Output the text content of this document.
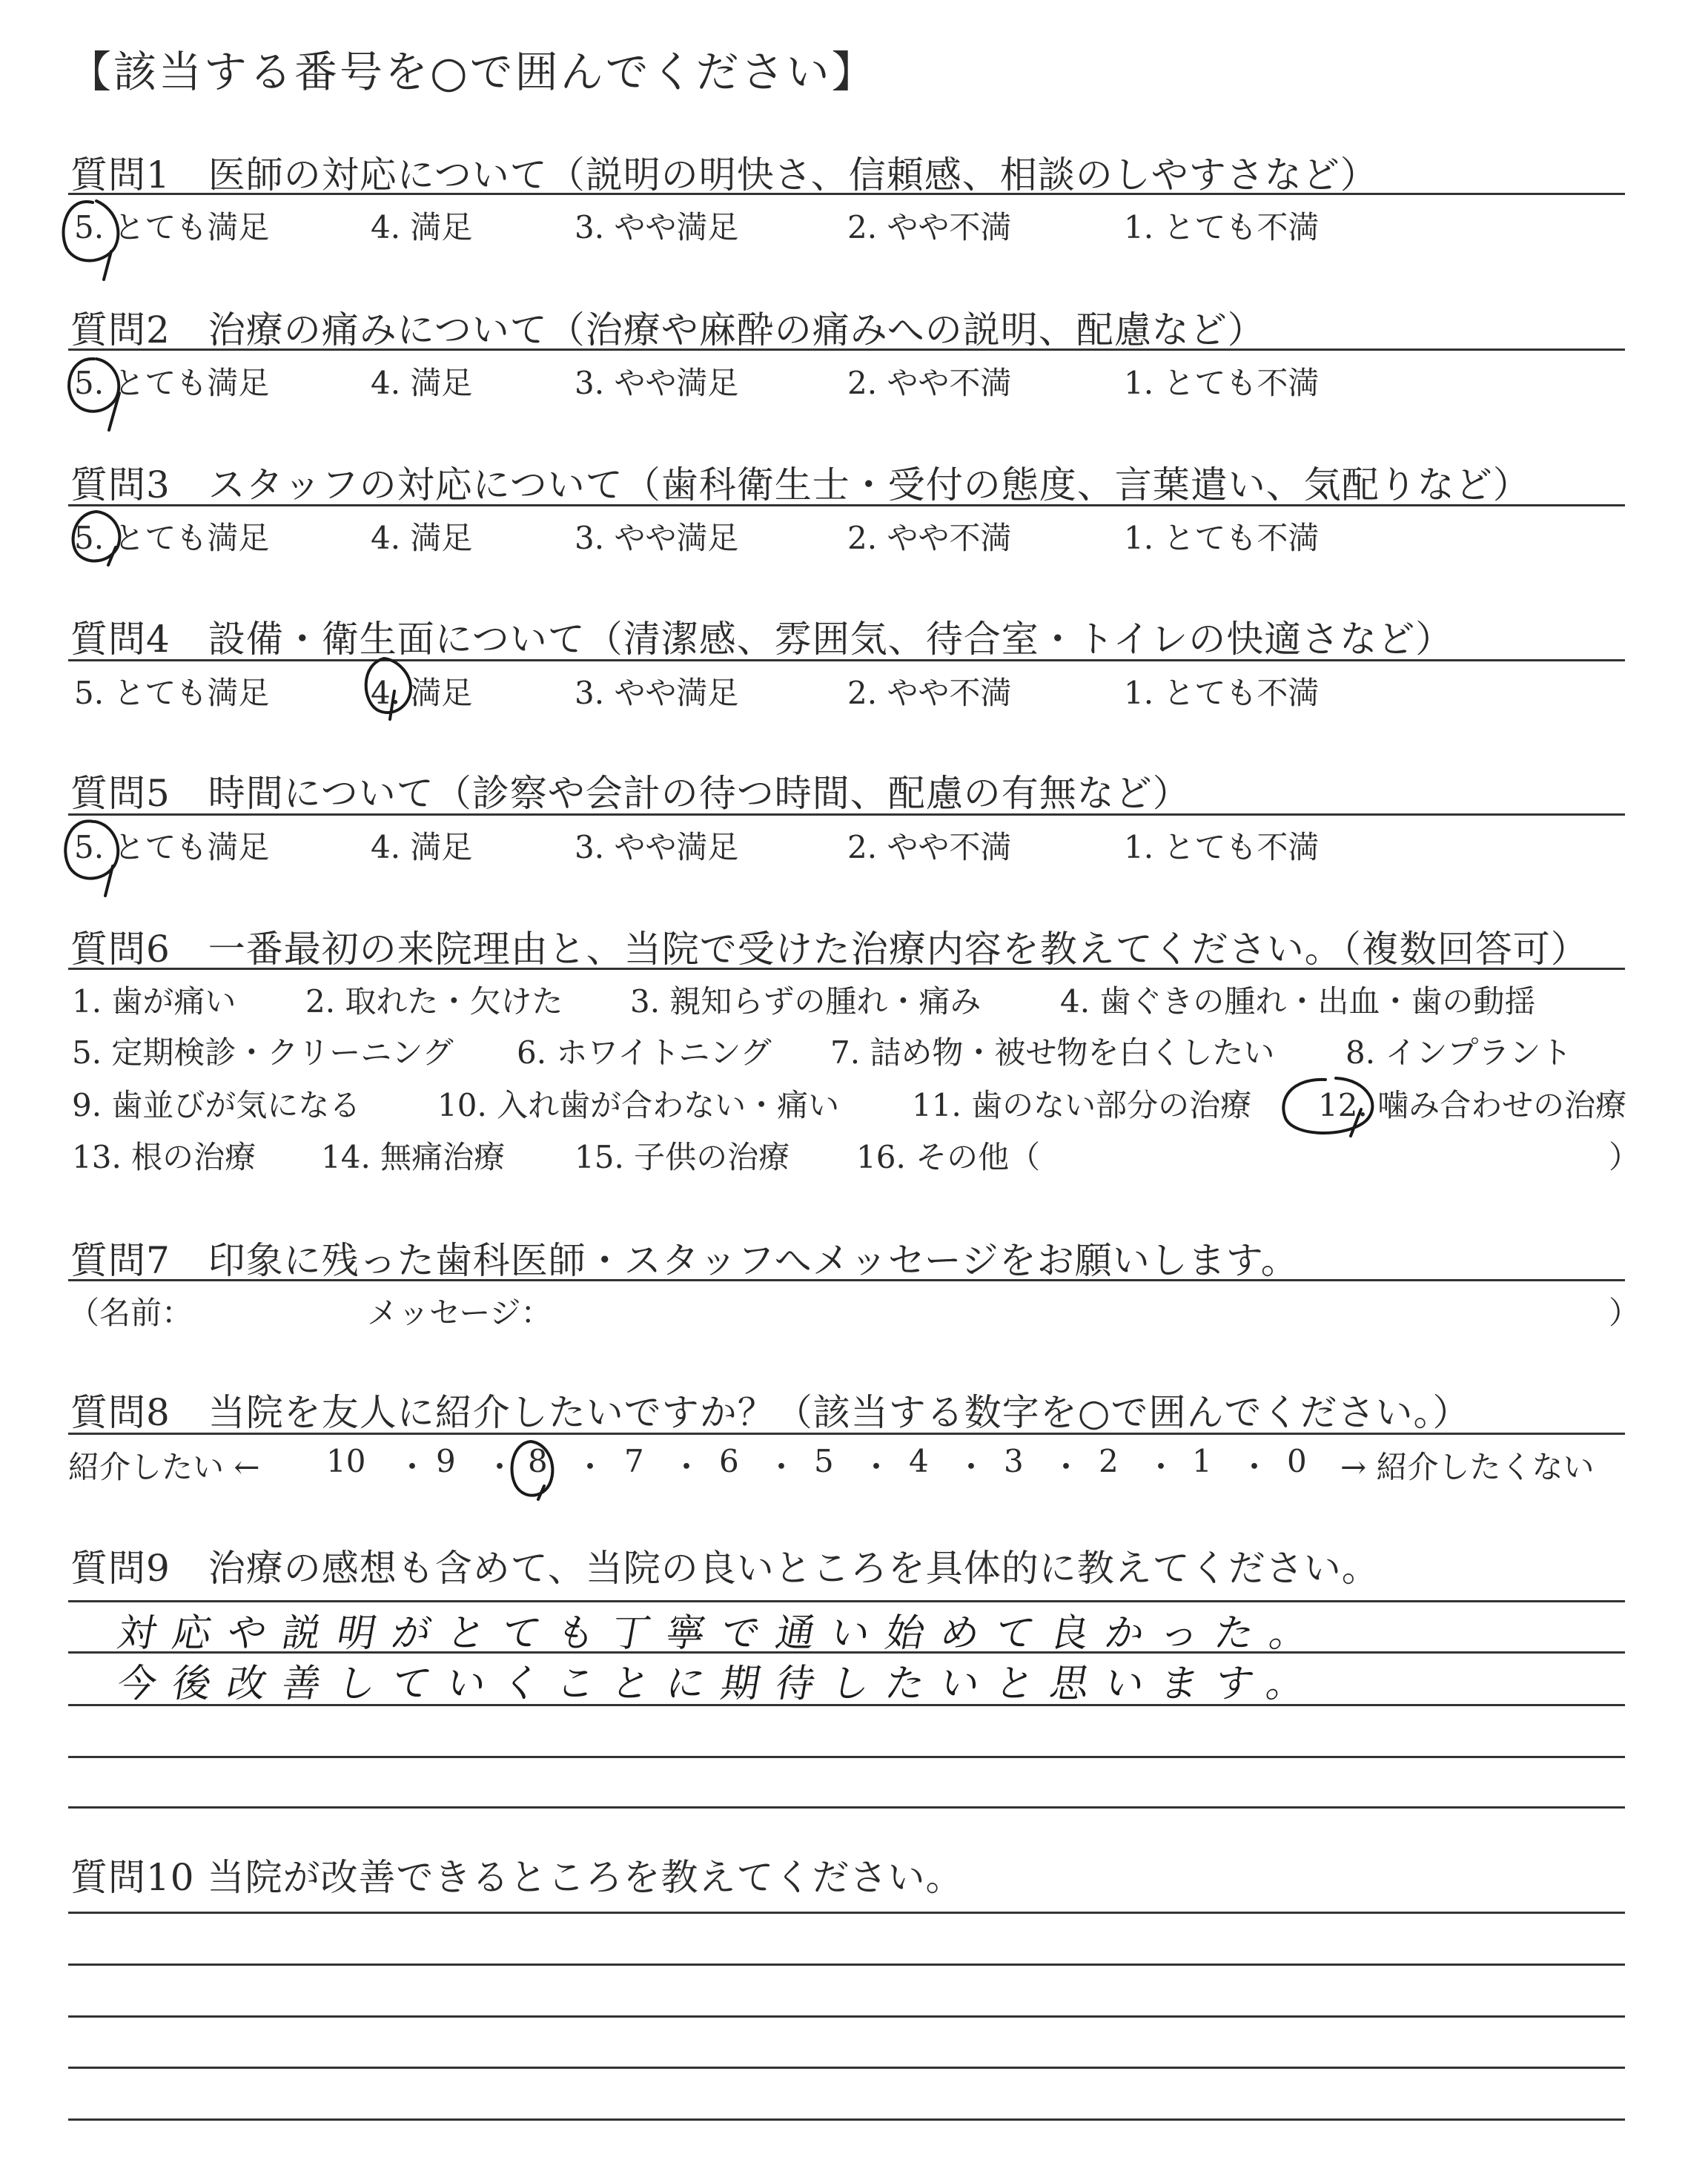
【該当する番号を○で囲んでください】
質問1　医師の対応について（説明の明快さ、信頼感、相談のしやすさなど）
質問2　治療の痛みについて（治療や麻酔の痛みへの説明、配慮など）
質問3　スタッフの対応について（歯科衛生士・受付の態度、言葉遣い、気配りなど）
質問4　設備・衛生面について（清潔感、雰囲気、待合室・トイレの快適さなど）
質問5　時間について（診察や会計の待つ時間、配慮の有無など）
5. とても満足	4. 満足	3. やや満足	2. やや不満	1. とても不満
5. とても満足	4. 満足	3. やや満足	2. やや不満	1. とても不満
5. とても満足	4. 満足	3. やや満足	2. やや不満	1. とても不満
5. とても満足	4. 満足	3. やや満足	2. やや不満	1. とても不満
5. とても満足	4. 満足	3. やや満足	2. やや不満	1. とても不満
質問6　一番最初の来院理由と、当院で受けた治療内容を教えてください。（複数回答可）
1. 歯が痛い 2. 取れた・欠けた 3. 親知らずの腫れ・痛み	4. 歯ぐきの腫れ・出血・歯の動揺
5. 定期検診・クリーニング 6. ホワイトニング 7. 詰め物・被せ物を白くしたい 8. インプラント
9. 歯並びが気になる 10. 入れ歯が合わない・痛い 11. 歯のない部分の治療 12. 噛み合わせの治療
13. 根の治療 14. 無痛治療 15. 子供の治療 16. その他（	）
質問7　印象に残った歯科医師・スタッフへメッセージをお願いします。
（名前：	メッセージ：	）
質問8　当院を友人に紹介したいですか？（該当する数字を○で囲んでください。）
紹介したい ← 10 ・ 9 ・ 8 ・ 7 ・ 6 ・ 5 ・ 4 ・ 3 ・ 2 ・ 1 ・ 0 → 紹介したくない
質問9　治療の感想も含めて、当院の良いところを具体的に教えてください。
対応や説明がとても丁寧で通い始めて良かった。
今後改善していくことに期待したいと思います。
質問10 当院が改善できるところを教えてください。
